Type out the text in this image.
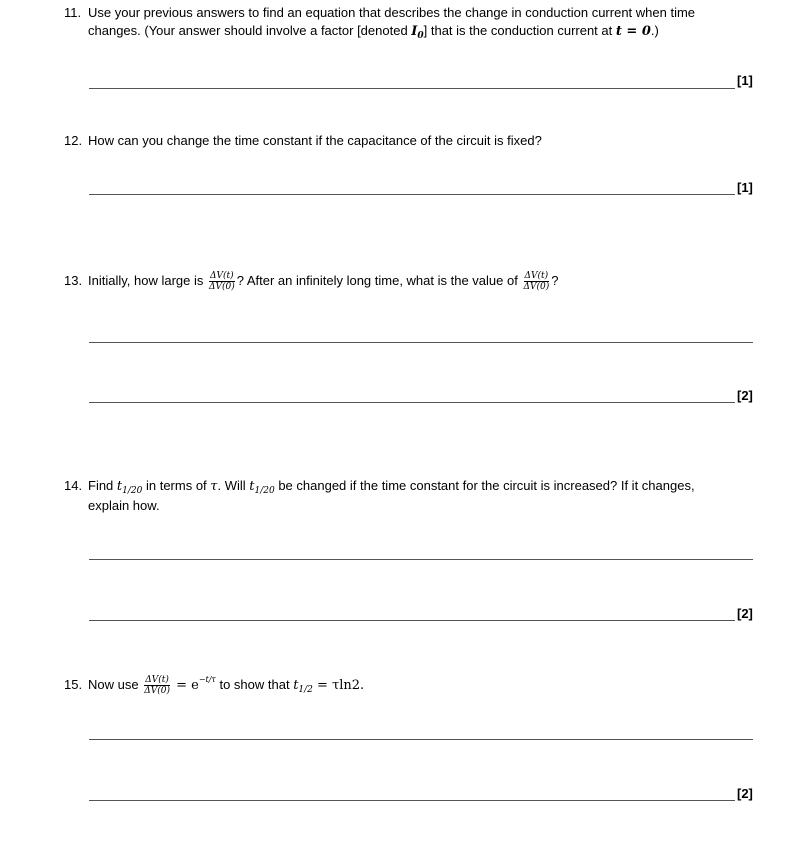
11. Use your previous answers to find an equation that describes the change in conduction current when time
changes. (Your answer should involve a factor [denoted $I_0$] that is the conduction current at t = 0.)
[1]
12. How can you change the time constant if the capacitance of the circuit is fixed?
[1]
13. Initially, how large is $\frac{\Delta V(t)}{\Delta V(0)}$ ? After an infinitely long time, what is the value of $\frac{\Delta V(t)}{\Delta V(0)}$ ?
[2]
14. Find $t_{1/20}$ in terms of τ. Will $t_{1/20}$ be changed if the time constant for the circuit is increased? If it changes,
explain how.
[2]
15. Now use $\frac{\Delta V(t)}{\Delta V(0)} = e^{-t/\tau}$ to show that $t_{1/2} = \tau\ln 2$.
[2]
